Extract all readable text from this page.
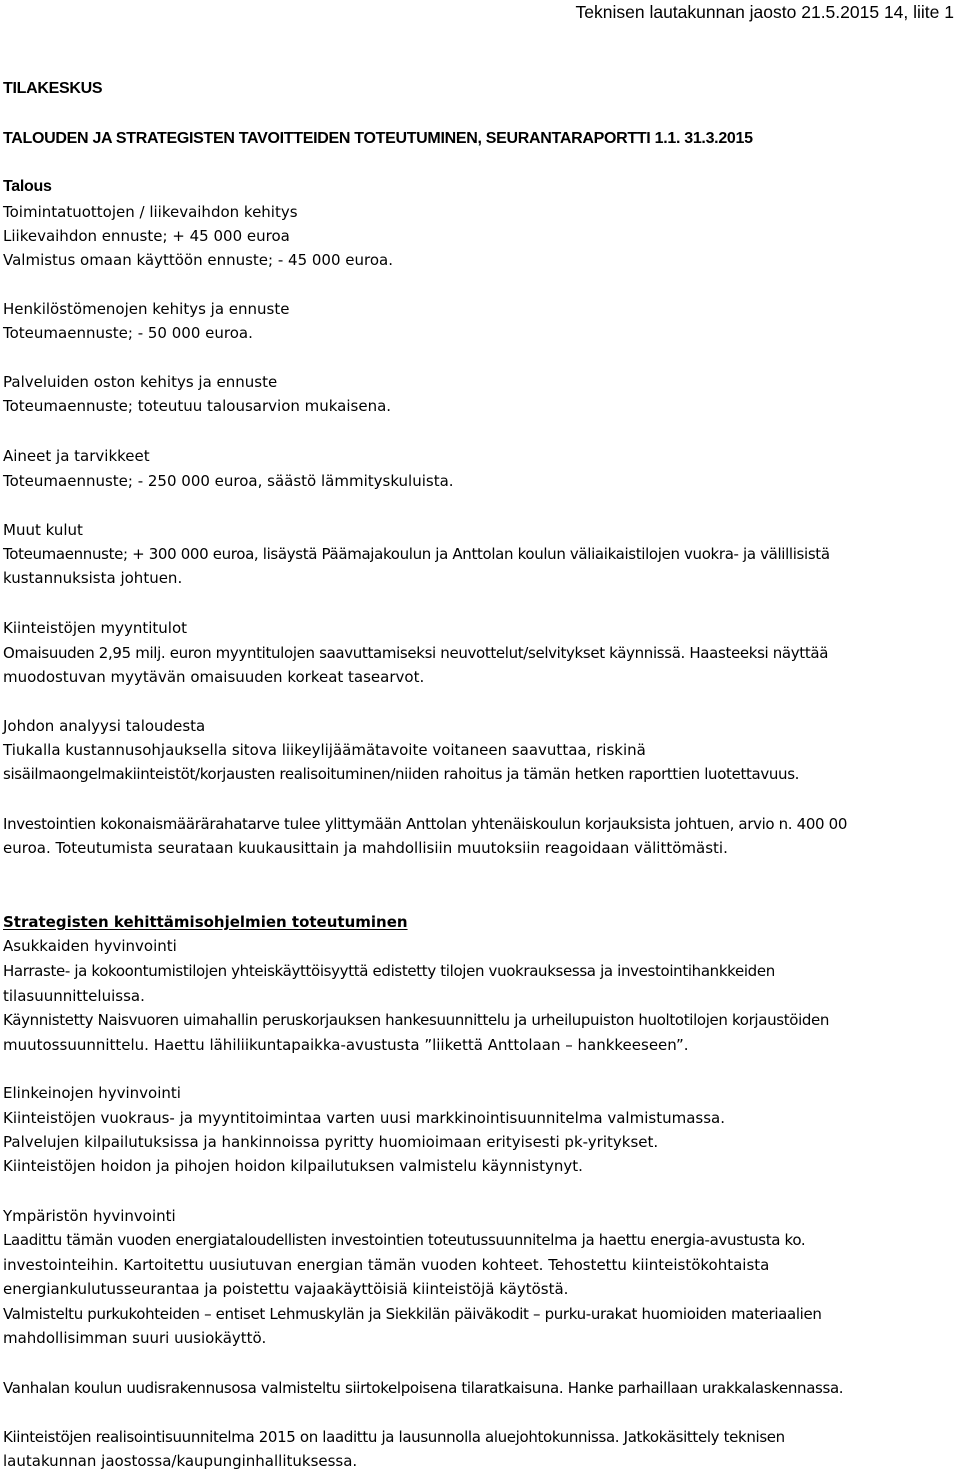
Teknisen lautakunnan jaosto 21.5.2015 14, liite 1
TILAKESKUS
TALOUDEN JA STRATEGISTEN TAVOITTEIDEN TOTEUTUMINEN, SEURANTARAPORTTI 1.1. 31.3.2015
Talous
Toimintatuottojen / liikevaihdon kehitys
Liikevaihdon ennuste; + 45 000 euroa
Valmistus omaan käyttöön ennuste; - 45 000 euroa.
Henkilöstömenojen kehitys ja ennuste
Toteumaennuste; - 50 000 euroa.
Palveluiden oston kehitys ja ennuste
Toteumaennuste; toteutuu talousarvion mukaisena.
Aineet ja tarvikkeet
Toteumaennuste; - 250 000 euroa, säästö lämmityskuluista.
Muut kulut
Toteumaennuste; + 300 000 euroa, lisäystä Päämajakoulun ja Anttolan koulun väliaikaistilojen vuokra- ja välillisistä
kustannuksista johtuen.
Kiinteistöjen myyntitulot
Omaisuuden 2,95 milj. euron myyntitulojen saavuttamiseksi neuvottelut/selvitykset käynnissä. Haasteeksi näyttää
muodostuvan myytävän omaisuuden korkeat tasearvot.
Johdon analyysi taloudesta
Tiukalla kustannusohjauksella sitova liikeylijäämätavoite voitaneen saavuttaa, riskinä
sisäilmaongelmakiinteistöt/korjausten realisoituminen/niiden rahoitus ja tämän hetken raporttien luotettavuus.
Investointien kokonaismäärärahatarve tulee ylittymään Anttolan yhtenäiskoulun korjauksista johtuen, arvio n. 400 00
euroa. Toteutumista seurataan kuukausittain ja mahdollisiin muutoksiin reagoidaan välittömästi.
Strategisten kehittämisohjelmien toteutuminen
Asukkaiden hyvinvointi
Harraste- ja kokoontumistilojen yhteiskäyttöisyyttä edistetty tilojen vuokrauksessa ja investointihankkeiden
tilasuunnitteluissa.
Käynnistetty Naisvuoren uimahallin peruskorjauksen hankesuunnittelu ja urheilupuiston huoltotilojen korjaustöiden
muutossuunnittelu. Haettu lähiliikuntapaikka-avustusta ”liikettä Anttolaan – hankkeeseen”.
Elinkeinojen hyvinvointi
Kiinteistöjen vuokraus- ja myyntitoimintaa varten uusi markkinointisuunnitelma valmistumassa.
Palvelujen kilpailutuksissa ja hankinnoissa pyritty huomioimaan erityisesti pk-yritykset.
Kiinteistöjen hoidon ja pihojen hoidon kilpailutuksen valmistelu käynnistynyt.
Ympäristön hyvinvointi
Laadittu tämän vuoden energiataloudellisten investointien toteutussuunnitelma ja haettu energia-avustusta ko.
investointeihin. Kartoitettu uusiutuvan energian tämän vuoden kohteet. Tehostettu kiinteistökohtaista
energiankulutusseurantaa ja poistettu vajaakäyttöisiä kiinteistöjä käytöstä.
Valmisteltu purkukohteiden – entiset Lehmuskylän ja Siekkilän päiväkodit – purku-urakat huomioiden materiaalien
mahdollisimman suuri uusiokäyttö.
Vanhalan koulun uudisrakennusosa valmisteltu siirtokelpoisena tilaratkaisuna. Hanke parhaillaan urakkalaskennassa.
Kiinteistöjen realisointisuunnitelma 2015 on laadittu ja lausunnolla aluejohtokunnissa. Jatkokäsittely teknisen
lautakunnan jaostossa/kaupunginhallituksessa.
